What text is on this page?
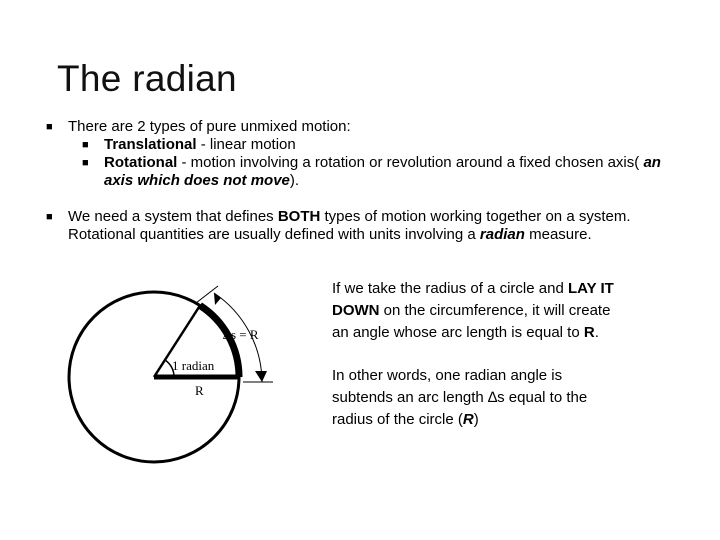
The radian
■ There are 2 types of pure unmixed motion:
■ Translational - linear motion
■ Rotational - motion involving a rotation or revolution around a fixed chosen axis( an axis which does not move).
■ We need a system that defines BOTH types of motion working together on a system. Rotational quantities are usually defined with units involving a radian measure.
1 radian
∆s = R
R

If we take the radius of a circle and LAY IT DOWN on the circumference, it will create an angle whose arc length is equal to R.

In other words, one radian angle is subtends an arc length ∆s equal to the radius of the circle (R)
